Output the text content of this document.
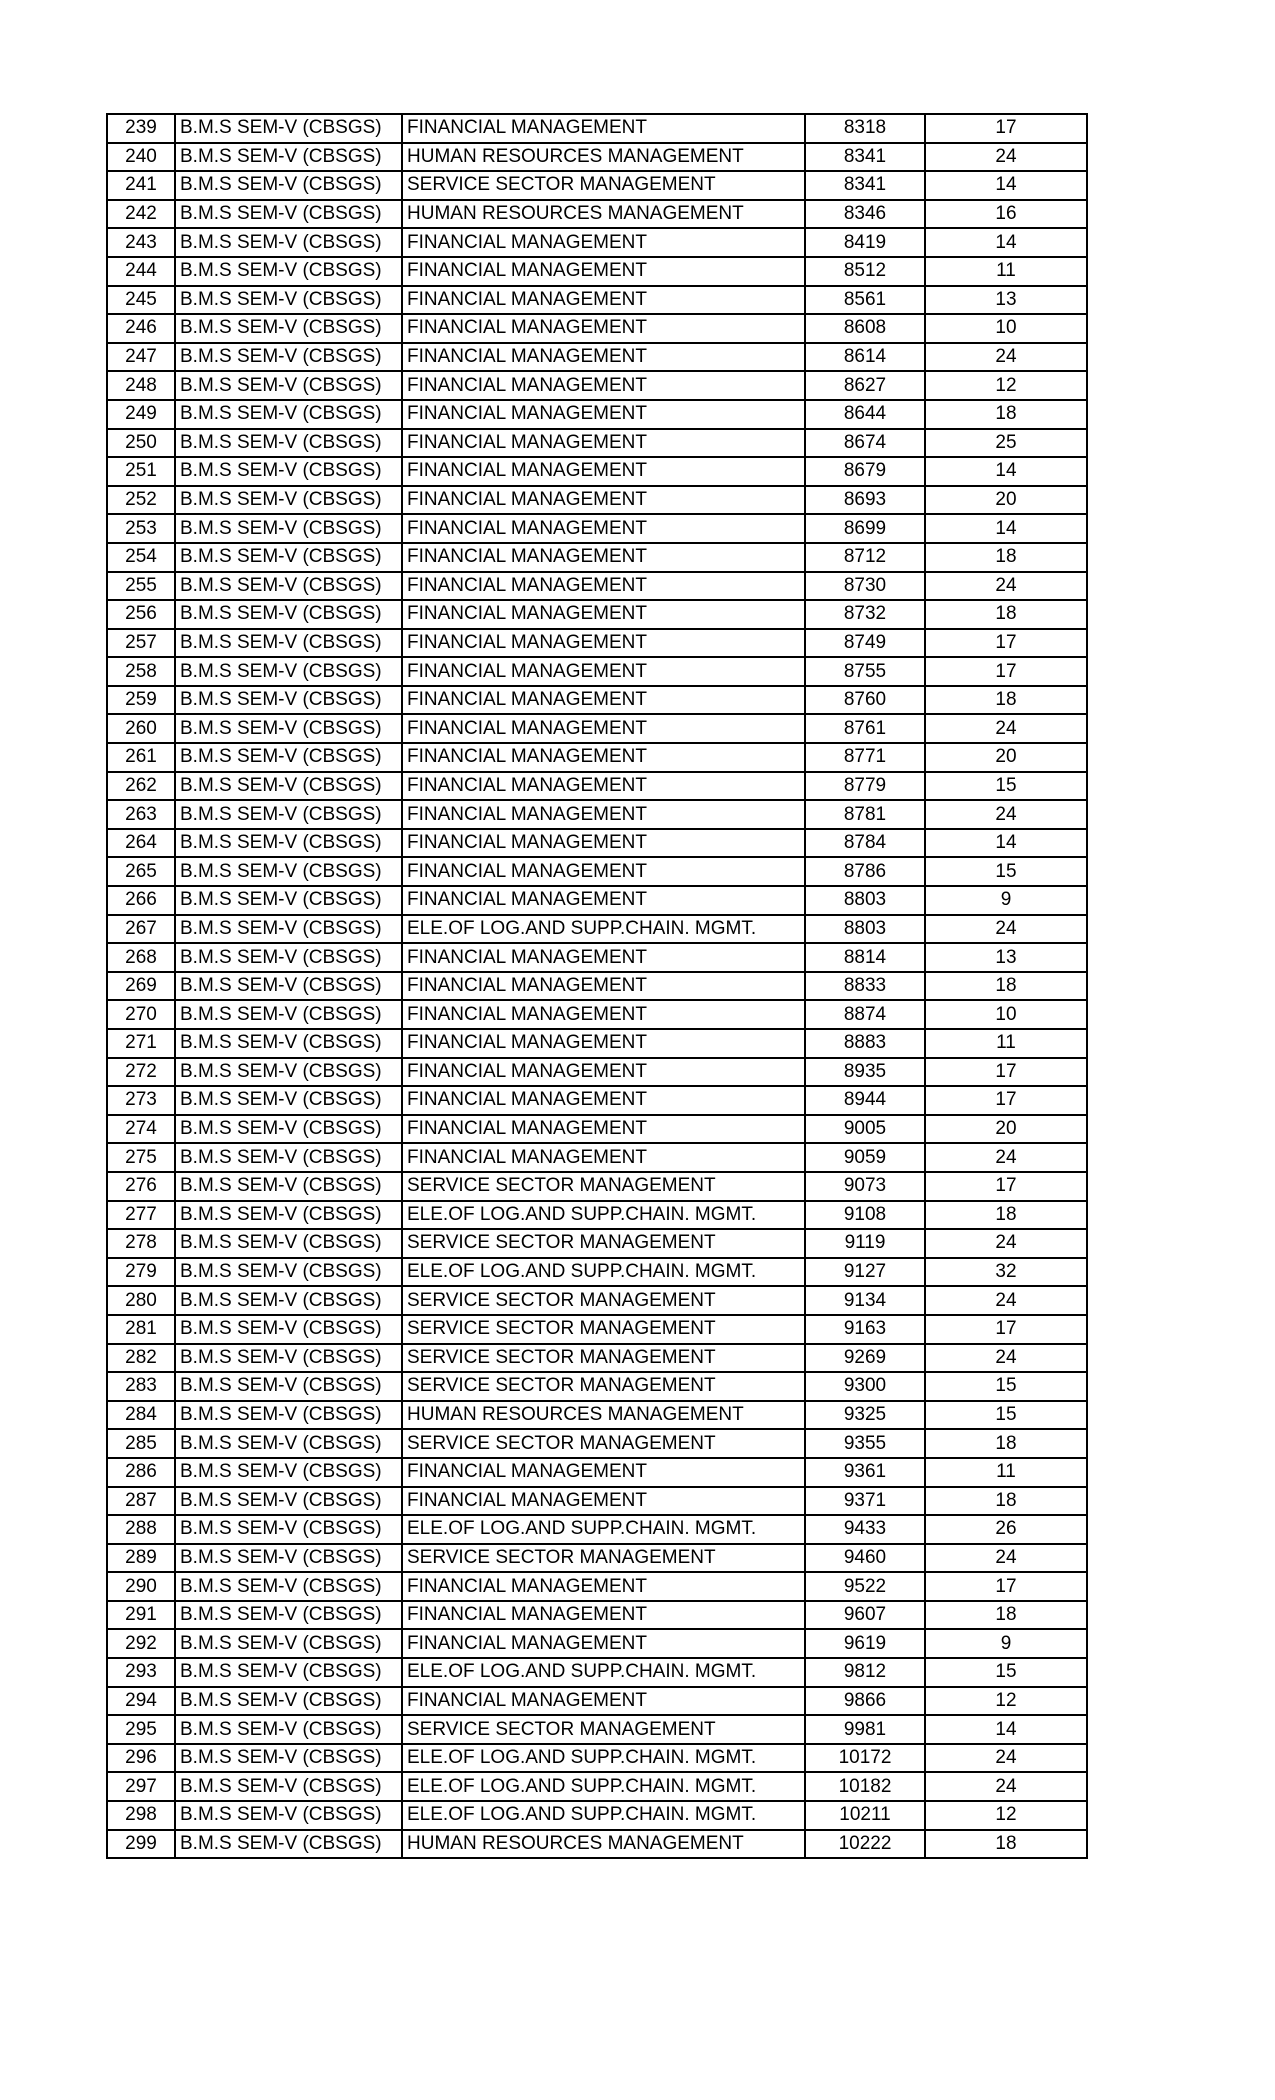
239	B.M.S SEM-V (CBSGS)	FINANCIAL MANAGEMENT	8318	17
240	B.M.S SEM-V (CBSGS)	HUMAN RESOURCES MANAGEMENT	8341	24
241	B.M.S SEM-V (CBSGS)	SERVICE SECTOR MANAGEMENT	8341	14
242	B.M.S SEM-V (CBSGS)	HUMAN RESOURCES MANAGEMENT	8346	16
243	B.M.S SEM-V (CBSGS)	FINANCIAL MANAGEMENT	8419	14
244	B.M.S SEM-V (CBSGS)	FINANCIAL MANAGEMENT	8512	11
245	B.M.S SEM-V (CBSGS)	FINANCIAL MANAGEMENT	8561	13
246	B.M.S SEM-V (CBSGS)	FINANCIAL MANAGEMENT	8608	10
247	B.M.S SEM-V (CBSGS)	FINANCIAL MANAGEMENT	8614	24
248	B.M.S SEM-V (CBSGS)	FINANCIAL MANAGEMENT	8627	12
249	B.M.S SEM-V (CBSGS)	FINANCIAL MANAGEMENT	8644	18
250	B.M.S SEM-V (CBSGS)	FINANCIAL MANAGEMENT	8674	25
251	B.M.S SEM-V (CBSGS)	FINANCIAL MANAGEMENT	8679	14
252	B.M.S SEM-V (CBSGS)	FINANCIAL MANAGEMENT	8693	20
253	B.M.S SEM-V (CBSGS)	FINANCIAL MANAGEMENT	8699	14
254	B.M.S SEM-V (CBSGS)	FINANCIAL MANAGEMENT	8712	18
255	B.M.S SEM-V (CBSGS)	FINANCIAL MANAGEMENT	8730	24
256	B.M.S SEM-V (CBSGS)	FINANCIAL MANAGEMENT	8732	18
257	B.M.S SEM-V (CBSGS)	FINANCIAL MANAGEMENT	8749	17
258	B.M.S SEM-V (CBSGS)	FINANCIAL MANAGEMENT	8755	17
259	B.M.S SEM-V (CBSGS)	FINANCIAL MANAGEMENT	8760	18
260	B.M.S SEM-V (CBSGS)	FINANCIAL MANAGEMENT	8761	24
261	B.M.S SEM-V (CBSGS)	FINANCIAL MANAGEMENT	8771	20
262	B.M.S SEM-V (CBSGS)	FINANCIAL MANAGEMENT	8779	15
263	B.M.S SEM-V (CBSGS)	FINANCIAL MANAGEMENT	8781	24
264	B.M.S SEM-V (CBSGS)	FINANCIAL MANAGEMENT	8784	14
265	B.M.S SEM-V (CBSGS)	FINANCIAL MANAGEMENT	8786	15
266	B.M.S SEM-V (CBSGS)	FINANCIAL MANAGEMENT	8803	9
267	B.M.S SEM-V (CBSGS)	ELE.OF LOG.AND SUPP.CHAIN. MGMT.	8803	24
268	B.M.S SEM-V (CBSGS)	FINANCIAL MANAGEMENT	8814	13
269	B.M.S SEM-V (CBSGS)	FINANCIAL MANAGEMENT	8833	18
270	B.M.S SEM-V (CBSGS)	FINANCIAL MANAGEMENT	8874	10
271	B.M.S SEM-V (CBSGS)	FINANCIAL MANAGEMENT	8883	11
272	B.M.S SEM-V (CBSGS)	FINANCIAL MANAGEMENT	8935	17
273	B.M.S SEM-V (CBSGS)	FINANCIAL MANAGEMENT	8944	17
274	B.M.S SEM-V (CBSGS)	FINANCIAL MANAGEMENT	9005	20
275	B.M.S SEM-V (CBSGS)	FINANCIAL MANAGEMENT	9059	24
276	B.M.S SEM-V (CBSGS)	SERVICE SECTOR MANAGEMENT	9073	17
277	B.M.S SEM-V (CBSGS)	ELE.OF LOG.AND SUPP.CHAIN. MGMT.	9108	18
278	B.M.S SEM-V (CBSGS)	SERVICE SECTOR MANAGEMENT	9119	24
279	B.M.S SEM-V (CBSGS)	ELE.OF LOG.AND SUPP.CHAIN. MGMT.	9127	32
280	B.M.S SEM-V (CBSGS)	SERVICE SECTOR MANAGEMENT	9134	24
281	B.M.S SEM-V (CBSGS)	SERVICE SECTOR MANAGEMENT	9163	17
282	B.M.S SEM-V (CBSGS)	SERVICE SECTOR MANAGEMENT	9269	24
283	B.M.S SEM-V (CBSGS)	SERVICE SECTOR MANAGEMENT	9300	15
284	B.M.S SEM-V (CBSGS)	HUMAN RESOURCES MANAGEMENT	9325	15
285	B.M.S SEM-V (CBSGS)	SERVICE SECTOR MANAGEMENT	9355	18
286	B.M.S SEM-V (CBSGS)	FINANCIAL MANAGEMENT	9361	11
287	B.M.S SEM-V (CBSGS)	FINANCIAL MANAGEMENT	9371	18
288	B.M.S SEM-V (CBSGS)	ELE.OF LOG.AND SUPP.CHAIN. MGMT.	9433	26
289	B.M.S SEM-V (CBSGS)	SERVICE SECTOR MANAGEMENT	9460	24
290	B.M.S SEM-V (CBSGS)	FINANCIAL MANAGEMENT	9522	17
291	B.M.S SEM-V (CBSGS)	FINANCIAL MANAGEMENT	9607	18
292	B.M.S SEM-V (CBSGS)	FINANCIAL MANAGEMENT	9619	9
293	B.M.S SEM-V (CBSGS)	ELE.OF LOG.AND SUPP.CHAIN. MGMT.	9812	15
294	B.M.S SEM-V (CBSGS)	FINANCIAL MANAGEMENT	9866	12
295	B.M.S SEM-V (CBSGS)	SERVICE SECTOR MANAGEMENT	9981	14
296	B.M.S SEM-V (CBSGS)	ELE.OF LOG.AND SUPP.CHAIN. MGMT.	10172	24
297	B.M.S SEM-V (CBSGS)	ELE.OF LOG.AND SUPP.CHAIN. MGMT.	10182	24
298	B.M.S SEM-V (CBSGS)	ELE.OF LOG.AND SUPP.CHAIN. MGMT.	10211	12
299	B.M.S SEM-V (CBSGS)	HUMAN RESOURCES MANAGEMENT	10222	18
